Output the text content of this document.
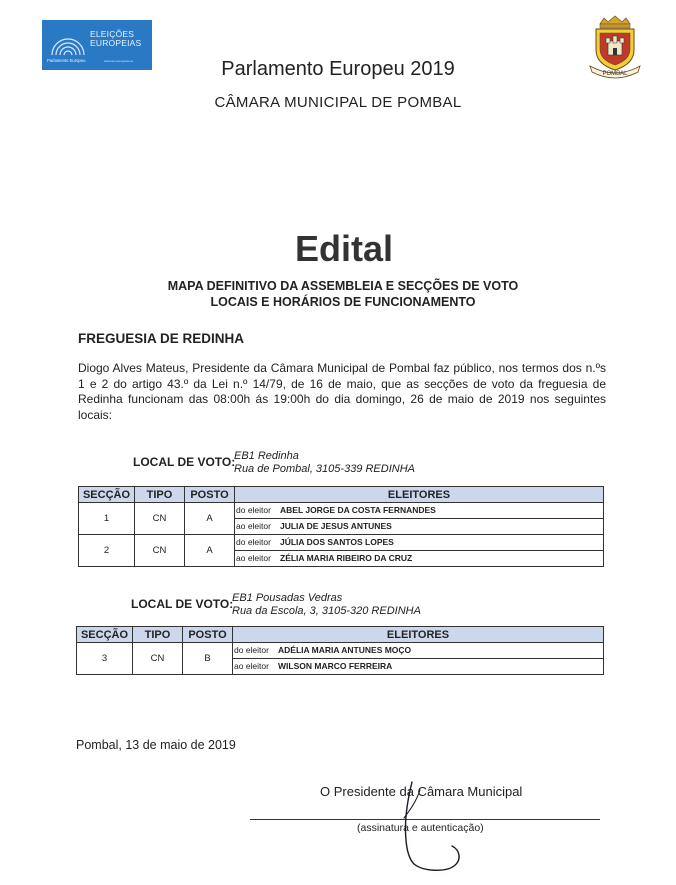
ELEIÇÕES EUROPEIAS
Parlamento Europeu	eleicoes-europeias.eu
POMBAL
Parlamento Europeu 2019
CÂMARA MUNICIPAL DE POMBAL
Edital
MAPA DEFINITIVO DA ASSEMBLEIA E SECÇÕES DE VOTO
LOCAIS E HORÁRIOS DE FUNCIONAMENTO
FREGUESIA DE REDINHA
Diogo Alves Mateus, Presidente da Câmara Municipal de Pombal faz público, nos termos dos n.ºs 1 e 2 do artigo 43.º da Lei n.º 14/79, de 16 de maio, que as secções de voto da freguesia de Redinha funcionam das 08:00h ás 19:00h do dia domingo, 26 de maio de 2019 nos seguintes locais:
LOCAL DE VOTO:
EB1 Redinha
Rua de Pombal, 3105-339 REDINHA
SECÇÃO	TIPO	POSTO	ELEITORES
1	CN	A	do eleitor ABEL JORGE DA COSTA FERNANDES
ao eleitor JULIA DE JESUS ANTUNES

2	CN	A	do eleitor JÚLIA DOS SANTOS LOPES
ao eleitor ZÉLIA MARIA RIBEIRO DA CRUZ
LOCAL DE VOTO:
EB1 Pousadas Vedras
Rua da Escola, 3, 3105-320 REDINHA
SECÇÃO	TIPO	POSTO	ELEITORES
3	CN	B	do eleitor ADÉLIA MARIA ANTUNES MOÇO
ao eleitor WILSON MARCO FERREIRA
Pombal, 13 de maio de 2019
O Presidente da Câmara Municipal
(assinatura e autenticação)
